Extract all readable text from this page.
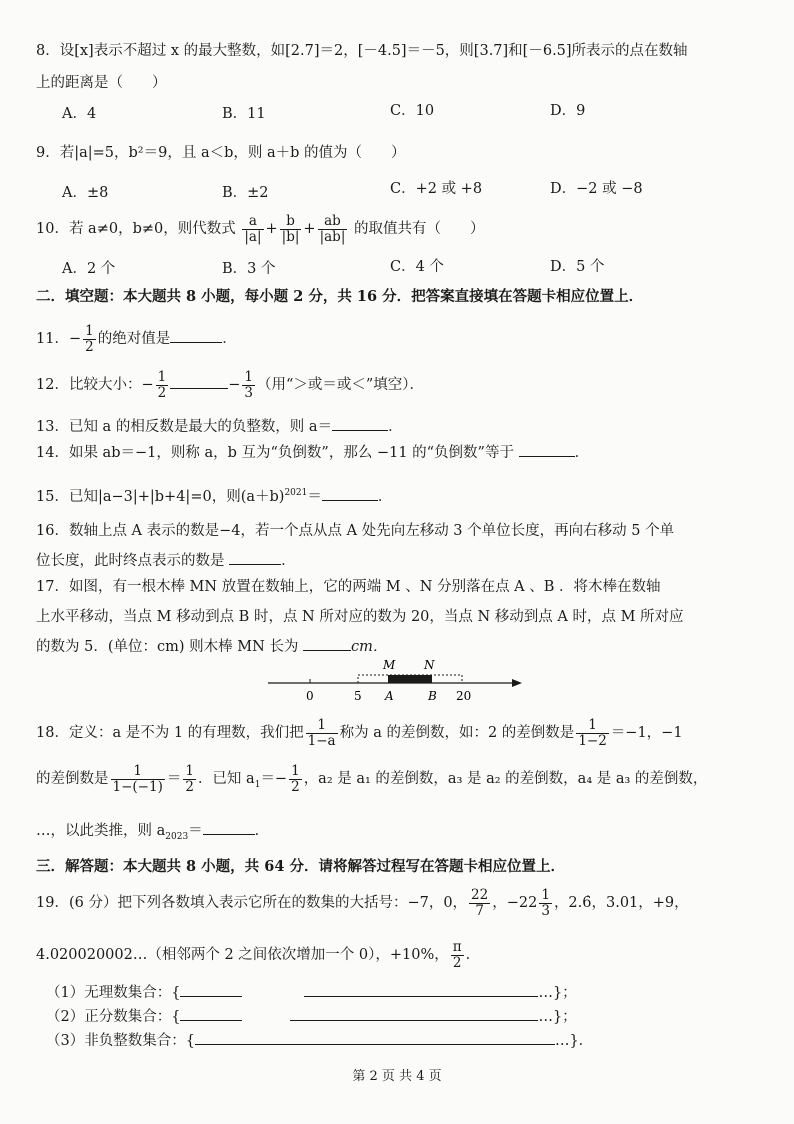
8．设[x]表示不超过 x 的最大整数，如[2.7]＝2，[－4.5]＝－5，则[3.7]和[－6.5]所表示的点在数轴
上的距离是（　　）
A．4	B．11	C．10	D．9
9．若|a|=5，b²＝9，且 a＜b，则 a＋b 的值为（　　）
A．±8	B．±2	C．+2 或 +8	D．−2 或 −8
10．若 a≠0，b≠0，则代数式 $\frac{a}{|a|} + \frac{b}{|b|} + \frac{ab}{|ab|}$ 的取值共有（　　）
A．2 个	B．3 个	C．4 个	D．5 个
二．填空题：本大题共 8 小题，每小题 2 分，共 16 分．把答案直接填在答题卡相应位置上．
11．− $\frac{1}{2}$ 的绝对值是	．
12．比较大小：− $\frac{1}{2}$	− $\frac{1}{3}$ （用“＞或＝或＜”填空）．
13．已知 a 的相反数是最大的负整数，则 a＝	．
14．如果 ab＝−1，则称 a，b 互为“负倒数”，那么 −11 的“负倒数”等于	．
15．已知|a−3|+|b+4|=0，则$(a+b)^{2021}=$	．
16．数轴上点 A 表示的数是−4，若一个点从点 A 处先向左移动 3 个单位长度，再向右移动 5 个单
位长度，此时终点表示的数是	．
17．如图，有一根木棒 MN 放置在数轴上，它的两端 M 、N 分别落在点 A 、B ．将木棒在数轴
上水平移动，当点 M 移动到点 B 时，点 N 所对应的数为 20，当点 N 移动到点 A 时，点 M 所对应
的数为 5．(单位：cm) 则木棒 MN 长为	cm．
M N
0	5 A	B 20
18．定义：a 是不为 1 的有理数，我们把 $\frac{1}{1-a}$ 称为 a 的差倒数，如：2 的差倒数是 $\frac{1}{1-2} =-1$，−1
的差倒数是 $\frac{1}{1-(-1)} = \frac{1}{2}$ ．已知 $a_1=- \frac{1}{2}$ ，a₂ 是 a₁ 的差倒数，a₃ 是 a₂ 的差倒数，a₄ 是 a₃ 的差倒数，
…，以此类推，则 $a_{2023}=$	．
三．解答题：本大题共 8 小题，共 64 分．请将解答过程写在答题卡相应位置上．
19．(6 分）把下列各数填入表示它所在的数集的大括号：−7，0， $\frac{22}{7}$ ，$-22 \frac{1}{3}$ ，2.6̇，3.01，+9，
4.020020002…（相邻两个 2 之间依次增加一个 0），+10%， $\frac{\pi}{2}$ ．
（1）无理数集合：{	…}；
（2）正分数集合：{	…}；
（3）非负整数集合：{	…}．
第 2 页 共 4 页
